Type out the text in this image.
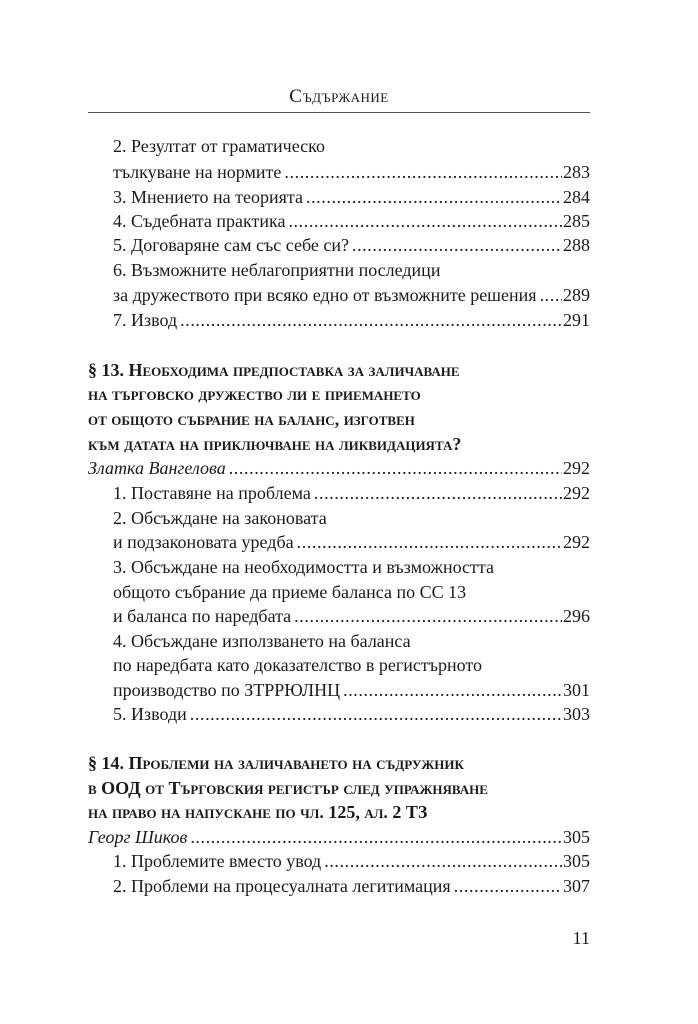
Съдържание
2. Резултат от граматическо
тълкуване на нормите .....	283
3. Мнението на теорията .....	284
4. Съдебната практика .....	285
5. Договаряне сам със себе си? .....	288
6. Възможните неблагоприятни последици
за дружеството при всяко едно от възможните решения ..... 289
7. Извод .....	291
§ 13. Необходима предпоставка за заличаване
на търговско дружество ли е приемането
от общото събрание на баланс, изготвен
към датата на приключване на ликвидацията?
Златка Вангелова .....	292
1. Поставяне на проблема .....	292
2. Обсъждане на законовата
и подзаконовата уредба .....	292
3. Обсъждане на необходимостта и възможността
общото събрание да приеме баланса по СС 13
и баланса по наредбата .....	296
4. Обсъждане използването на баланса
по наредбата като доказателство в регистърното
производство по ЗТРРЮЛНЦ .....	301
5. Изводи .....	303
§ 14. Проблеми на заличаването на съдружник
в ООД от Търговския регистър след упражняване
на право на напускане по чл. 125, ал. 2 ТЗ
Георг Шиков .....	305
1. Проблемите вместо увод .....	305
2. Проблеми на процесуалната легитимация .....	307
11
